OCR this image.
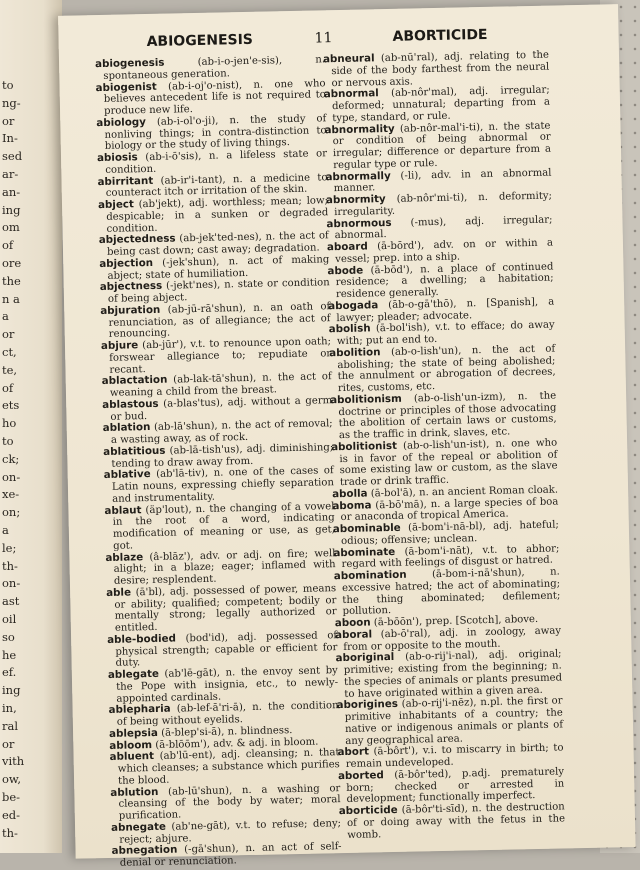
to
ng-
or
In-
sed
ar-
an-
ing
om
of
ore
the
n a
a
or
ct,
te,
of
ets
ho
to
ck;
on-
xe-
on;
a
le;
th-
on-
ast
oil
so
he
ef.
ing
in,
ral
or
vith
ow,
be-
ed-
th-
ABIOGENESIS	11	ABORTICIDE

abiogenesis	(ab-i-o-jen'e-sis), n. spontaneous generation.

abiogenist (ab-i-oj'o-nist), n. one who believes antecedent life is not required to produce new life.

abiology (ab-i-ol'o-ji), n. the study of nonliving things; in contra-distinction to biology or the study of living things.

abiosis (ab-i-ō'sis), n. a lifeless state or condition.

abirritant (ab-ir'i-tant), n. a medicine to counteract itch or irritation of the skin.

abject (ab'jekt), adj. worthless; mean; low; despicable; in a sunken or degraded condition.

abjectedness (ab-jek'ted-nes), n. the act of being cast down; cast away; degradation.

abjection (-jek'shun), n. act of making abject; state of humiliation.

abjectness (-jekt'nes), n. state or condition of being abject.

abjuration (ab-jū-rā'shun), n. an oath of renunciation, as of allegiance; the act of renouncing.

abjure (ab-jūr'), v.t. to renounce upon oath; forswear allegiance to; repudiate or recant.

ablactation (ab-lak-tā'shun), n. the act of weaning a child from the breast.

ablastous (a-blas'tus), adj. without a germ or bud.

ablation (ab-lā'shun), n. the act of removal; a wasting away, as of rock.

ablatitious (ab-lā-tish'us), adj. diminishing; tending to draw away from.

ablative (ab'lā-tiv), n. one of the cases of Latin nouns, expressing chiefly separation and instrumentality.

ablaut (äp'lout), n. the changing of a vowel in the root of a word, indicating modification of meaning or use, as get, got.

ablaze (â-blāz'), adv. or adj. on fire; well alight; in a blaze; eager; inflamed with desire; resplendent.

able (ā'bl), adj. possessed of power, means or ability; qualified; competent; bodily or mentally strong; legally authorized or entitled.

able-bodied (bod'id), adj. possessed of physical strength; capable or efficient for duty.

ablegate (ab'lē-gāt), n. the envoy sent by the Pope with insignia, etc., to newly-appointed cardinals.

ablepharia (ab-lef-ā'ri-ā), n. the condition of being without eyelids.

ablepsia (ā-blep'si-ā), n. blindness.

abloom (ā-blōōm'), adv. & adj. in bloom.

abluent (ab'lū-ent), adj. cleansing; n. that which cleanses; a substance which purifies the blood.

ablution (ab-lū'shun), n. a washing or cleansing of the body by water; moral purification.

abnegate (ab'ne-gāt), v.t. to refuse; deny; reject; abjure.

abnegation (-gā'shun), n. an act of self-denial or renunciation.

abneural (ab-nū'ral), adj. relating to the side of the body farthest from the neural or nervous axis.

abnormal (ab-nôr'mal), adj. irregular; deformed; unnatural; departing from a type, standard, or rule.

abnormality (ab-nôr-mal'i-ti), n. the state or condition of being abnormal or irregular; difference or departure from a regular type or rule.

abnormally (-li), adv. in an abnormal manner.

abnormity (ab-nôr'mi-ti), n. deformity; irregularity.

abnormous (-mus), adj. irregular; abnormal.

aboard (ā-bōrd'), adv. on or within a vessel; prep. into a ship.

abode (ā-bōd'), n. a place of continued residence; a dwelling; a habitation; residence generally.

abogada (āb-o-gā'thō), n. [Spanish], a lawyer; pleader; advocate.

abolish (ā-bol'ish), v.t. to efface; do away with; put an end to.

abolition (ab-o-lish'un), n. the act of abolishing; the state of being abolished; the annulment or abrogation of decrees, rites, customs, etc.

abolitionism (ab-o-lish'un-izm), n. the doctrine or principles of those advocating the abolition of certain laws or customs, as the traffic in drink, slaves, etc.

abolitionist (ab-o-lish'un-ist), n. one who is in favor of the repeal or abolition of some existing law or custom, as the slave trade or drink traffic.

abolla (ā-bol'ā), n. an ancient Roman cloak.

aboma (ā-bō'mā), n. a large species of boa or anaconda of tropical America.

abominable (ā-bom'i-nā-bl), adj. hateful; odious; offensive; unclean.

abominate (ā-bom'i-nāt), v.t. to abhor; regard with feelings of disgust or hatred.

abomination (ā-bom-i-nā'shun), n. excessive hatred; the act of abominating; the thing abominated; defilement; pollution.

aboon (ā-bōōn'), prep. [Scotch], above.

aboral (ab-ō'ral), adj. in zoology, away from or opposite to the mouth.

aboriginal (ab-o-rij'i-nal), adj. original; primitive; existing from the beginning; n. the species of animals or plants presumed to have originated within a given area.

aborigines (ab-o-rij'i-nēz), n.pl. the first or primitive inhabitants of a country; the native or indigenous animals or plants of any geographical area.

abort (ā-bôrt'), v.i. to miscarry in birth; to remain undeveloped.

aborted (ā-bôr'ted), p.adj. prematurely born; checked or arrested in development; functionally imperfect.

aborticide (ā-bôr'ti-sīd), n. the destruction of or doing away with the fetus in the womb.
